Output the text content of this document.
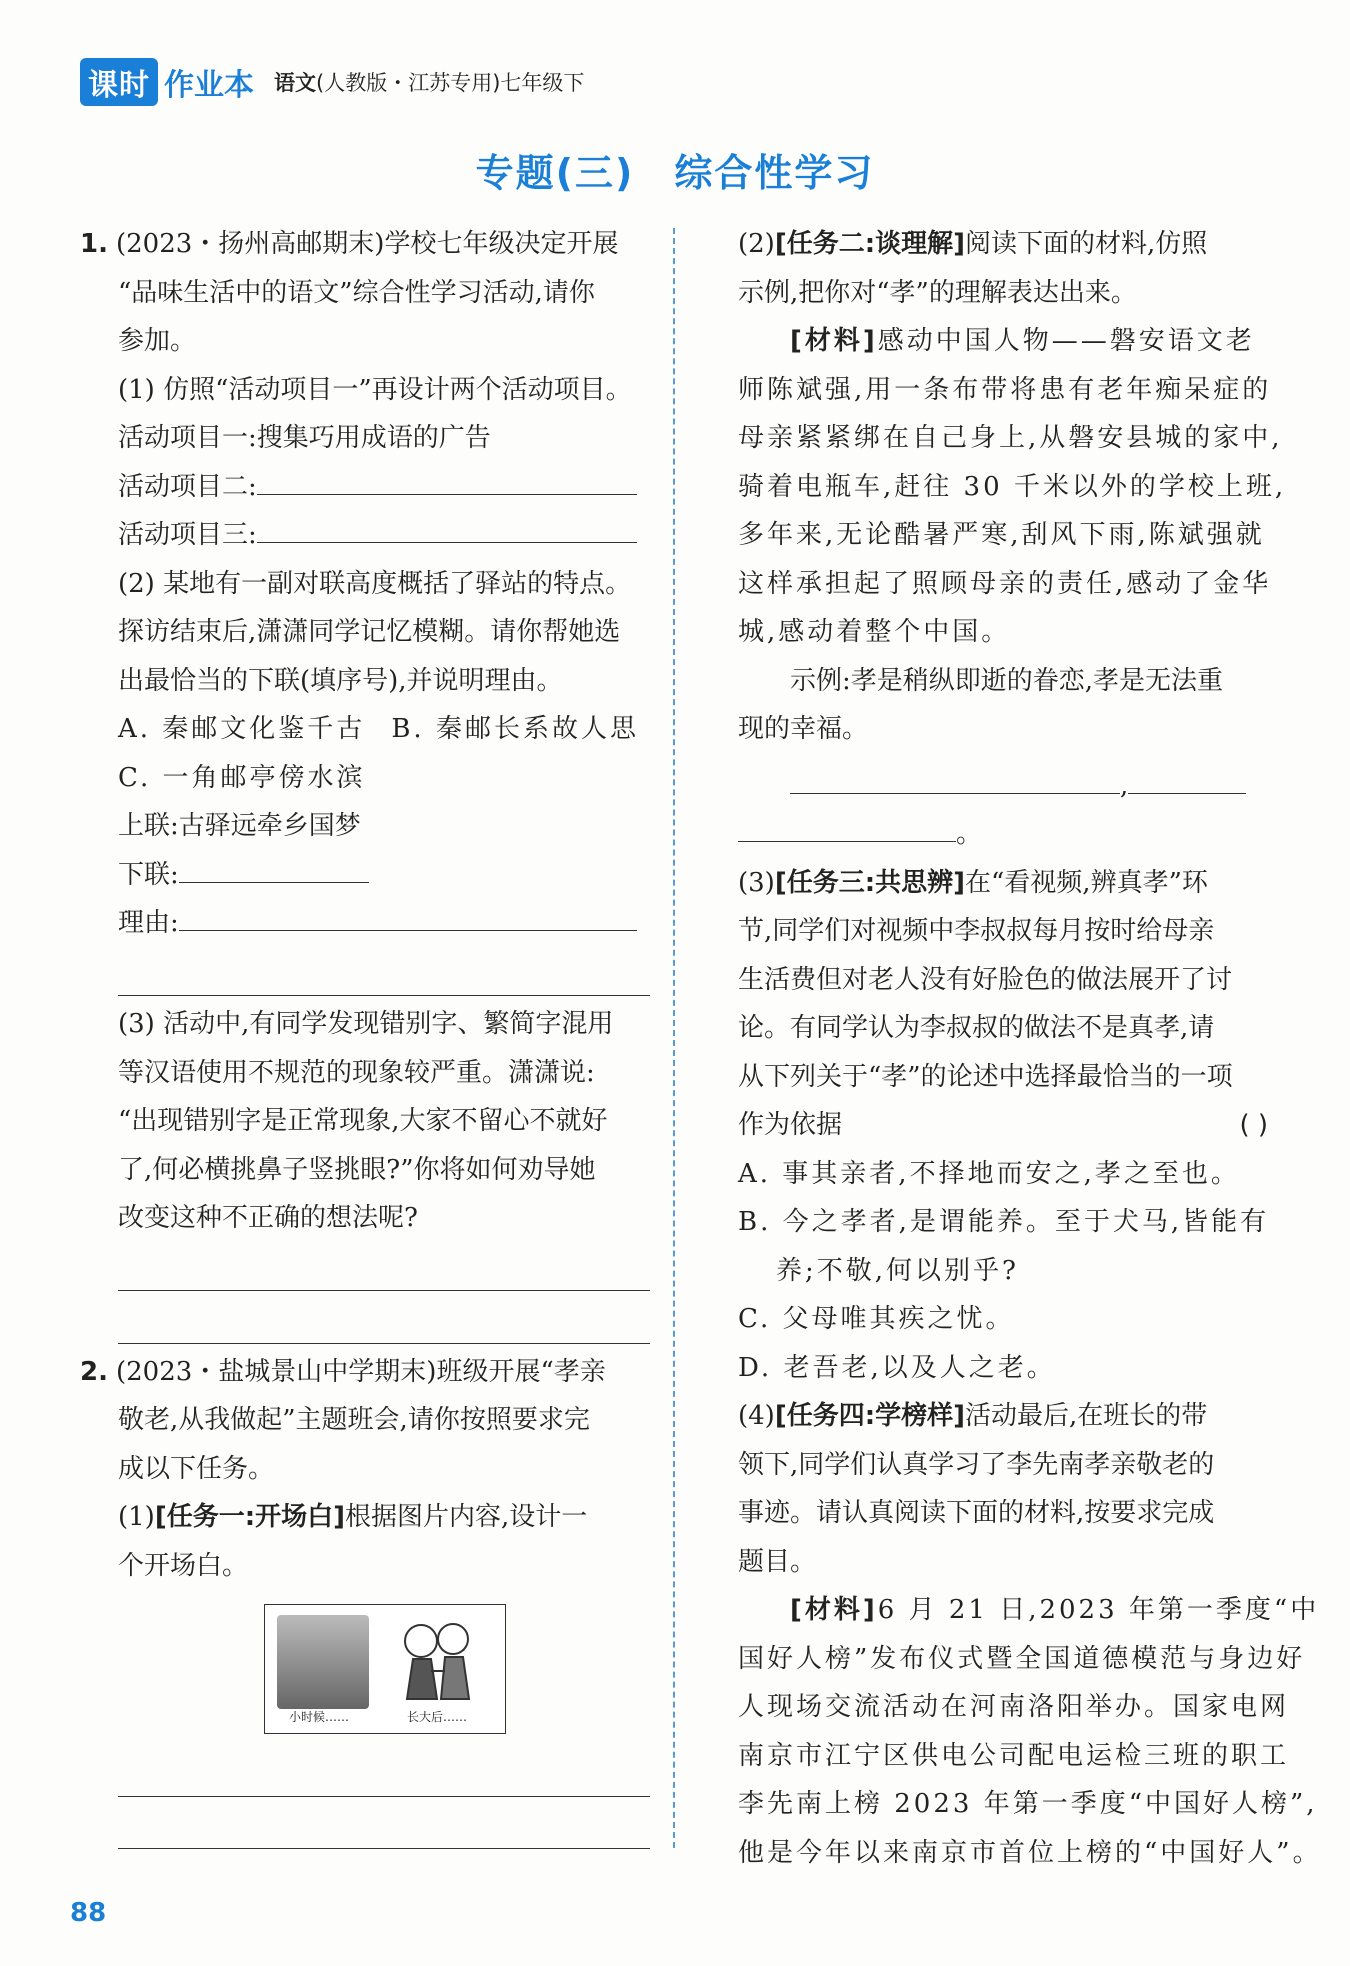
课时 作业本 语文(人教版・江苏专用)七年级下
专题(三) 综合性学习
1. (2023・扬州高邮期末)学校七年级决定开展
“品味生活中的语文”综合性学习活动,请你
参加。
(1) 仿照“活动项目一”再设计两个活动项目。
活动项目一:搜集巧用成语的广告
活动项目二:
活动项目三:
(2) 某地有一副对联高度概括了驿站的特点。
探访结束后,潇潇同学记忆模糊。请你帮她选
出最恰当的下联(填序号),并说明理由。
A. 秦邮文化鉴千古 B. 秦邮长系故人思
C. 一角邮亭傍水滨
上联:古驿远牵乡国梦
下联:
理由:
(3) 活动中,有同学发现错别字、繁简字混用
等汉语使用不规范的现象较严重。潇潇说:
“出现错别字是正常现象,大家不留心不就好
了,何必横挑鼻子竖挑眼?”你将如何劝导她
改变这种不正确的想法呢?
2. (2023・盐城景山中学期末)班级开展“孝亲
敬老,从我做起”主题班会,请你按照要求完
成以下任务。
(1)[任务一:开场白]根据图片内容,设计一
个开场白。
小时候……	长大后……
(2)[任务二:谈理解]阅读下面的材料,仿照
示例,把你对“孝”的理解表达出来。
[材料]感动中国人物——磐安语文老
师陈斌强,用一条布带将患有老年痴呆症的
母亲紧紧绑在自己身上,从磐安县城的家中,
骑着电瓶车,赶往 30 千米以外的学校上班,
多年来,无论酷暑严寒,刮风下雨,陈斌强就
这样承担起了照顾母亲的责任,感动了金华
城,感动着整个中国。
示例:孝是稍纵即逝的眷恋,孝是无法重
现的幸福。
,
。
(3)[任务三:共思辨]在“看视频,辨真孝”环
节,同学们对视频中李叔叔每月按时给母亲
生活费但对老人没有好脸色的做法展开了讨
论。有同学认为李叔叔的做法不是真孝,请
从下列关于“孝”的论述中选择最恰当的一项
作为依据	( )
A. 事其亲者,不择地而安之,孝之至也。
B. 今之孝者,是谓能养。至于犬马,皆能有
养;不敬,何以别乎?
C. 父母唯其疾之忧。
D. 老吾老,以及人之老。
(4)[任务四:学榜样]活动最后,在班长的带
领下,同学们认真学习了李先南孝亲敬老的
事迹。请认真阅读下面的材料,按要求完成
题目。
[材料]6 月 21 日,2023 年第一季度“中
国好人榜”发布仪式暨全国道德模范与身边好
人现场交流活动在河南洛阳举办。国家电网
南京市江宁区供电公司配电运检三班的职工
李先南上榜 2023 年第一季度“中国好人榜”,
他是今年以来南京市首位上榜的“中国好人”。
88
